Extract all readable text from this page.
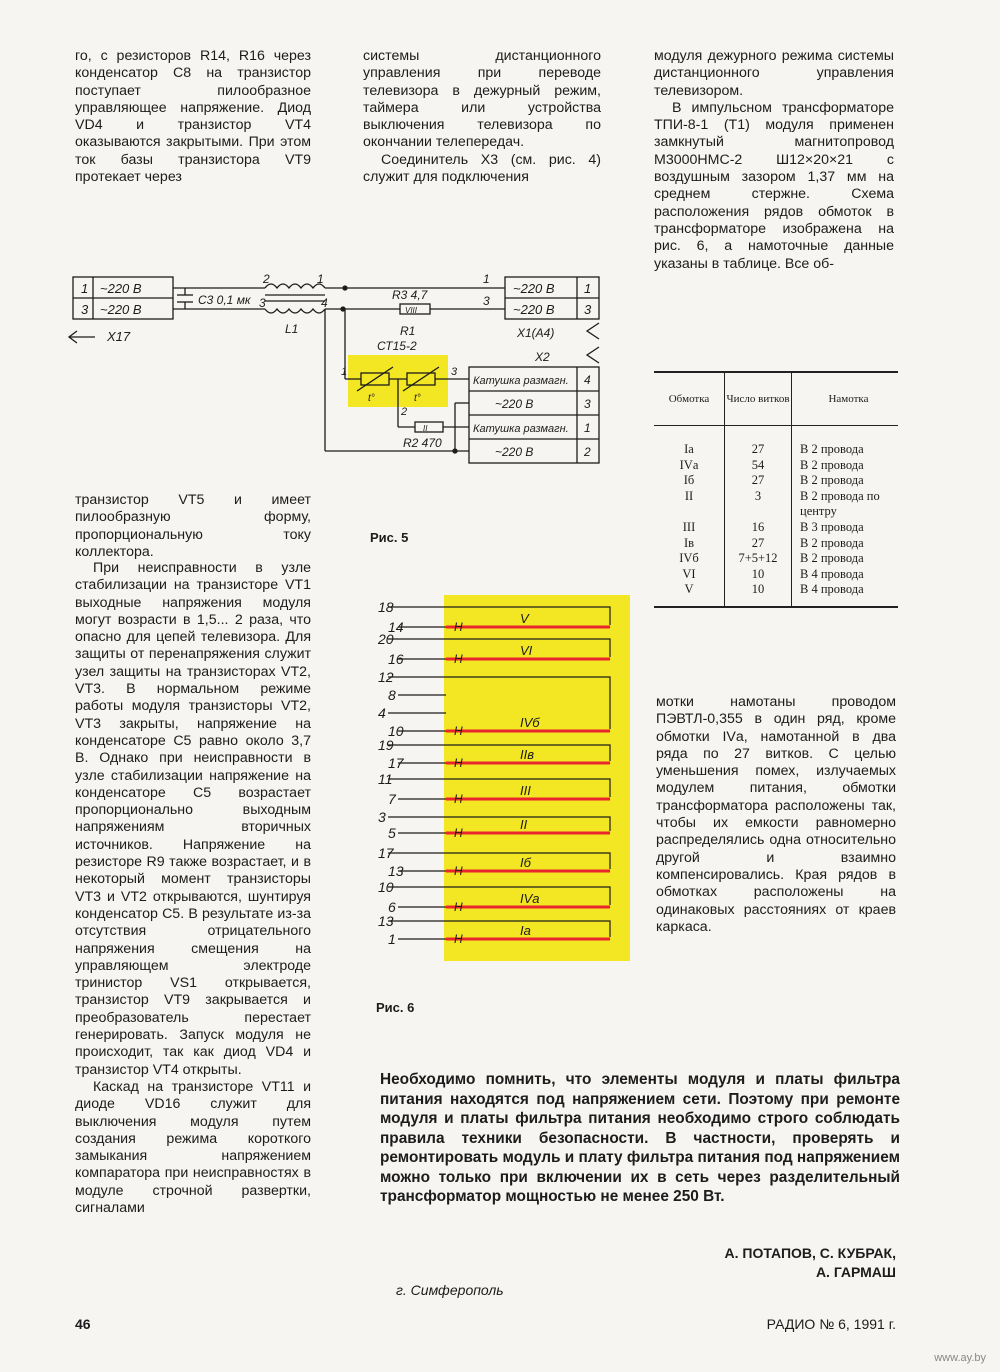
го, с резисторов R14, R16 через конденсатор С8 на транзистор поступает пилообразное управляющее напряжение. Диод VD4 и транзистор VT4 оказываются закрытыми. При этом ток базы транзистора VT9 протекает через

системы дистанционного управления при переводе телевизора в дежурный режим, таймера или устройства выключения телевизора по окончании телепередач.

Соединитель Х3 (см. рис. 4) служит для подключения

модуля дежурного режима системы дистанционного управления телевизором.

В импульсном трансформаторе ТПИ-8-1 (Т1) модуля применен замкнутый магнитопровод М3000НМС-2 Ш12×20×21 с воздушным зазором 1,37 мм на среднем стержне. Схема расположения рядов обмоток в трансформаторе изображена на рис. 6, а намоточные данные указаны в таблице. Все об-

транзистор VT5 и имеет пилообразную форму, пропорциональную току коллектора.

При неисправности в узле стабилизации на транзисторе VT1 выходные напряжения модуля могут возрасти в 1,5... 2 раза, что опасно для цепей телевизора. Для защиты от перенапряжения служит узел защиты на транзисторах VT2, VT3. В нормальном режиме работы модуля транзисторы VT2, VT3 закрыты, напряжение на конденсаторе С5 равно около 3,7 В. Однако при неисправности в узле стабилизации напряжение на конденсаторе С5 возрастает пропорционально выходным напряжениям вторичных источников. Напряжение на резисторе R9 также возрастает, и в некоторый момент транзисторы VT3 и VT2 открываются, шунтируя конденсатор С5. В результате из-за отсутствия отрицательного напряжения смещения на управляющем электроде тринистор VS1 открывается, транзистор VT9 закрывается и преобразователь перестает генерировать. Запуск модуля не происходит, так как диод VD4 и транзистор VT4 открыты.

Каскад на транзисторе VT11 и диоде VD16 служит для выключения модуля путем создания режима короткого замыкания напряжением компаратора при неисправностях в модуле строчной развертки, сигналами

мотки намотаны проводом ПЭВТЛ-0,355 в один ряд, кроме обмотки IVа, намотанной в два ряда по 27 витков. С целью уменьшения помех, излучаемых модулем питания, обмотки трансформатора расположены так, чтобы их емкости равномерно распределялись одна относительно другой и взаимно компенсировались. Края рядов в обмотках расположены на одинаковых расстояниях от краев каркаса.

1 ~220 В
3 ~220 В
Х17
С3 0,1 мк
2	1
3	4
L1
VIII
R3 4,7
1
3
~220 В 1
~220 В 3
Х1(А4)
Х2
R1
СТ15-2
t°	t°
1	3
2
II
R2 470
Катушка размагн. 4
~220 В	3
Катушка размагн. 1
~220 В	2
Рис. 5
Обмотка	Число витков	Намотка
Iа	27	В 2 провода
IVа	54	В 2 провода
Iб	27	В 2 провода
II	3	В 2 провода по центру
III	16	В 3 провода
Iв	27	В 2 провода
IVб	7+5+12	В 2 провода
VI	10	В 4 провода
V	10	В 4 провода
18
14
20
16
12
8
4
10
19
17
11
7
3
5
17
13
10
6
13
1
V
Н
VI
Н
IVб
Н
IIв
Н
III
Н
II
Н
Iб
Н
IVа
Н
Iа
Н
Рис. 6

Необходимо помнить, что элементы модуля и платы фильтра питания находятся под напряжением сети. Поэтому при ремонте модуля и платы фильтра питания необходимо строго соблюдать правила техники безопасности. В частности, проверять и ремонтировать модуль и плату фильтра питания под напряжением можно только при включении их в сеть через разделительный трансформатор мощностью не менее 250 Вт.

А. ПОТАПОВ, С. КУБРАК,
А. ГАРМАШ
г. Симферополь
46	РАДИО № 6, 1991 г.
www.ay.by
